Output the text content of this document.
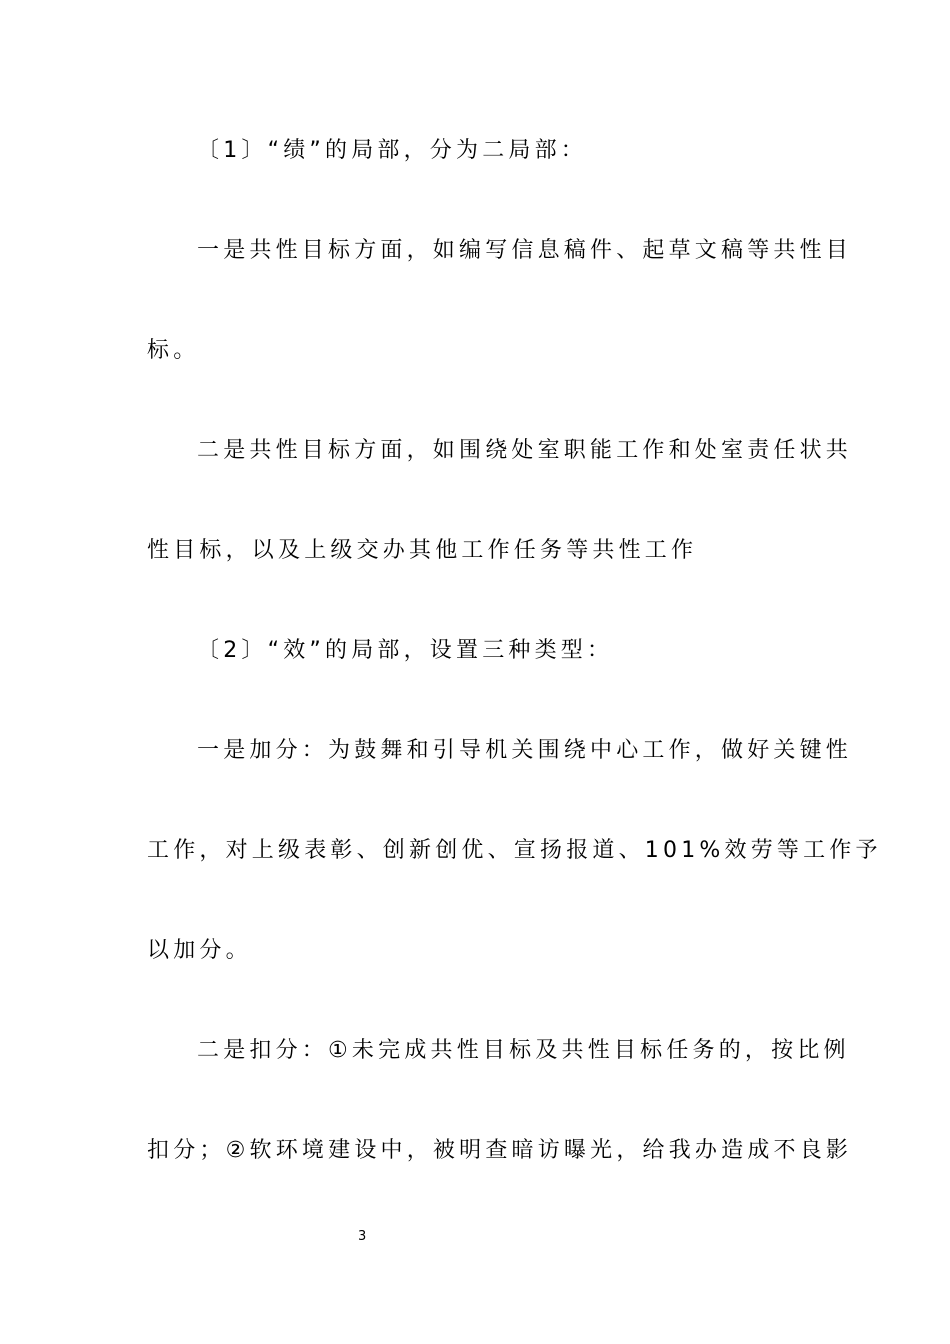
〔1〕“绩”的局部，分为二局部：
一是共性目标方面，如编写信息稿件、起草文稿等共性目
标。
二是共性目标方面，如围绕处室职能工作和处室责任状共
性目标，以及上级交办其他工作任务等共性工作
〔2〕“效”的局部，设置三种类型：
一是加分：为鼓舞和引导机关围绕中心工作，做好关键性
工作，对上级表彰、创新创优、宣扬报道、101%效劳等工作予
以加分。
二是扣分：①未完成共性目标及共性目标任务的，按比例
扣分；②软环境建设中，被明查暗访曝光，给我办造成不良影
3
